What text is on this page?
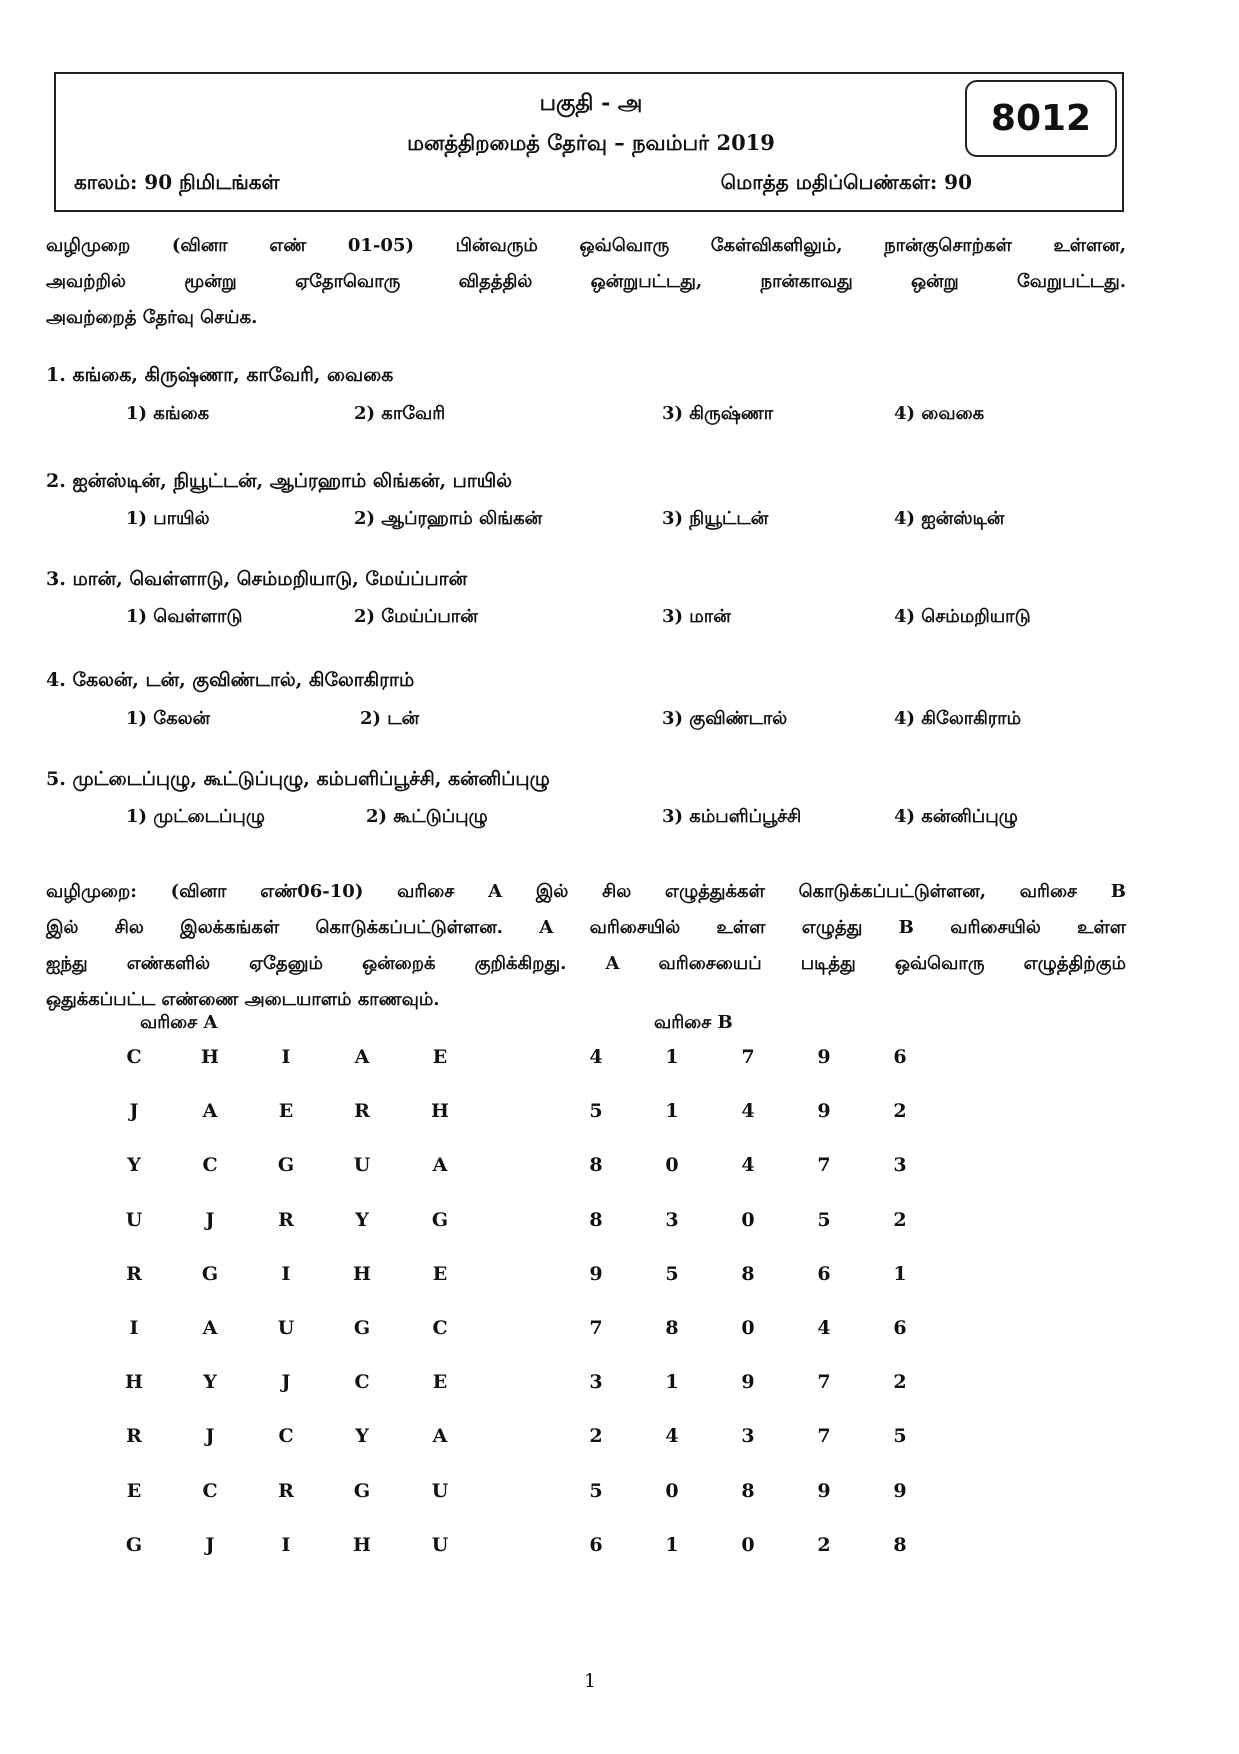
பகுதி - அ
மனத்திறமைத் தேர்வு – நவம்பர் 2019
காலம்: 90 நிமிடங்கள்	மொத்த மதிப்பெண்கள்: 90
8012
வழிமுறை (வினா எண் 01-05) பின்வரும் ஒவ்வொரு கேள்விகளிலும், நான்குசொற்கள் உள்ளன,
அவற்றில் மூன்று ஏதோவொரு விதத்தில் ஒன்றுபட்டது, நான்காவது ஒன்று வேறுபட்டது.
அவற்றைத் தேர்வு செய்க.
1. கங்கை, கிருஷ்ணா, காவேரி, வைகை
1) கங்கை	2) காவேரி	3) கிருஷ்ணா	4) வைகை
2. ஐன்ஸ்டின், நியூட்டன், ஆப்ரஹாம் லிங்கன், பாயில்
1) பாயில்	2) ஆப்ரஹாம் லிங்கன்	3) நியூட்டன்	4) ஐன்ஸ்டின்
3. மான், வெள்ளாடு, செம்மறியாடு, மேய்ப்பான்
1) வெள்ளாடு	2) மேய்ப்பான்	3) மான்	4) செம்மறியாடு
4. கேலன், டன், குவிண்டால், கிலோகிராம்
1) கேலன்	2) டன்	3) குவிண்டால்	4) கிலோகிராம்
5. முட்டைப்புழு, கூட்டுப்புழு, கம்பளிப்பூச்சி, கன்னிப்புழு
1) முட்டைப்புழு	2) கூட்டுப்புழு	3) கம்பளிப்பூச்சி	4) கன்னிப்புழு
வழிமுறை: (வினா எண்06-10) வரிசை A இல் சில எழுத்துக்கள் கொடுக்கப்பட்டுள்ளன, வரிசை B
இல் சில இலக்கங்கள் கொடுக்கப்பட்டுள்ளன. A வரிசையில் உள்ள எழுத்து B வரிசையில் உள்ள
ஐந்து எண்களில் ஏதேனும் ஒன்றைக் குறிக்கிறது. A வரிசையைப் படித்து ஒவ்வொரு எழுத்திற்கும்
ஒதுக்கப்பட்ட எண்ணை அடையாளம் காணவும்.
வரிசை A	வரிசை B
C	H	I	A	E	4	1	7	9	6
J	A	E	R	H	5	1	4	9	2
Y	C	G	U	A	8	0	4	7	3
U	J	R	Y	G	8	3	0	5	2
R	G	I	H	E	9	5	8	6	1
I	A	U	G	C	7	8	0	4	6
H	Y	J	C	E	3	1	9	7	2
R	J	C	Y	A	2	4	3	7	5
E	C	R	G	U	5	0	8	9	9
G	J	I	H	U	6	1	0	2	8
1
